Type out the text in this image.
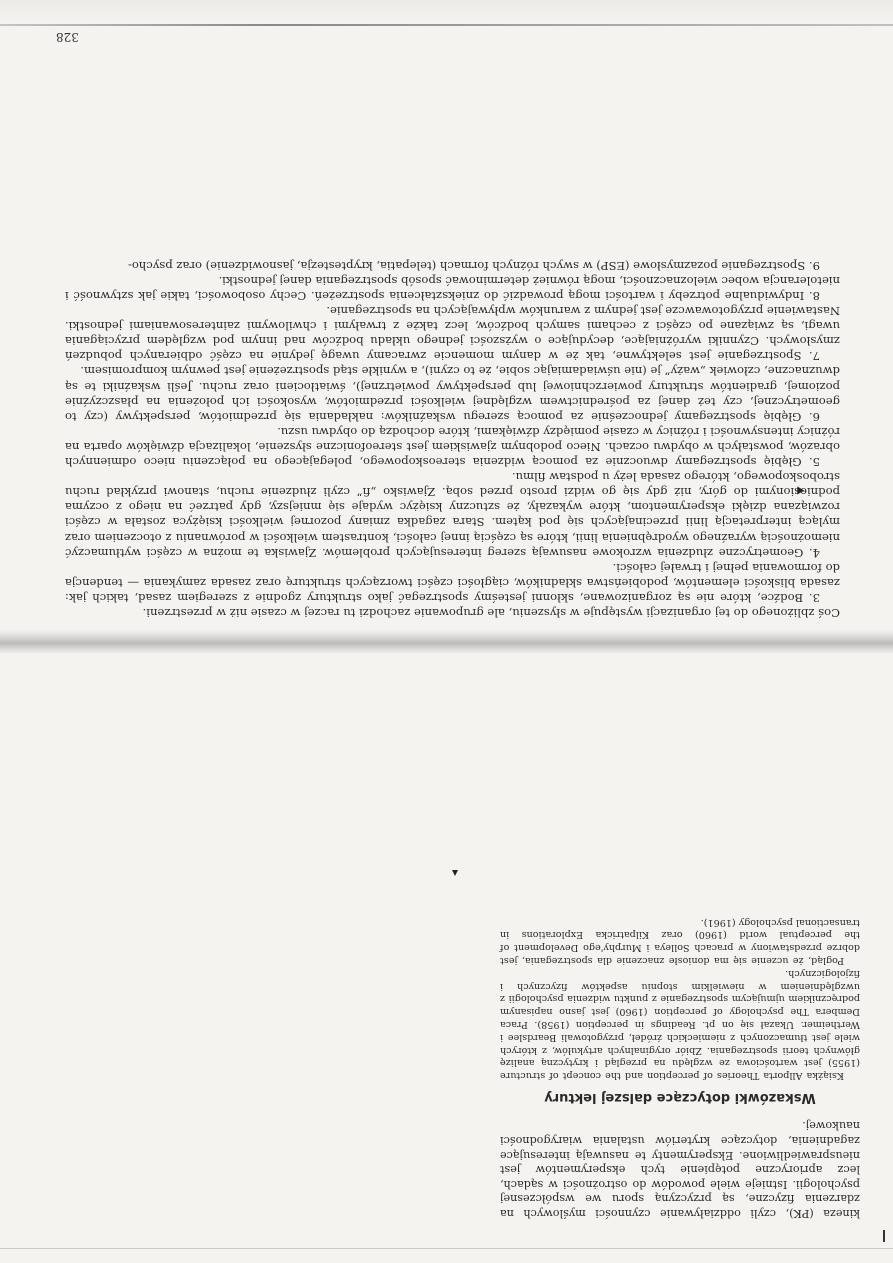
Coś zbliżonego do tej organizacji występuje w słyszeniu, ale grupowanie zachodzi tu raczej w czasie niż w przestrzeni.

3. Bodźce, które nie są zorganizowane, skłonni jesteśmy spostrzegać jako struktury zgodnie z szeregiem zasad, takich jak: zasada bliskości elementów, podobieństwa składników, ciągłości części tworzących strukturę oraz zasada zamykania — tendencja do formowania pełnej i trwałej całości.

4. Geometryczne złudzenia wzrokowe nasuwają szereg interesujących problemów. Zjawiska te można w części wytłumaczyć niemożnością wyraźnego wyodrębnienia linii, które są częścią innej całości, kontrastem wielkości w porównaniu z otoczeniem oraz mylącą interpretacją linii przecinających się pod kątem. Stara zagadka zmiany pozornej wielkości księżyca została w części rozwiązana dzięki eksperymentom, które wykazały, że sztuczny księżyc wydaje się mniejszy, gdy patrzeć na niego z oczyma podniesionymi do góry, niż gdy się go widzi prosto przed sobą. Zjawisko „fi” czyli złudzenie ruchu, stanowi przykład ruchu stroboskopowego, którego zasada leży u podstaw filmu.

5. Głębię spostrzegamy dwuocznie za pomocą widzenia stereoskopowego, polegającego na połączeniu nieco odmiennych obrazów, powstałych w obydwu oczach. Nieco podobnym zjawiskiem jest stereofoniczne słyszenie, lokalizacja dźwięków oparta na różnicy intensywności i różnicy w czasie pomiędzy dźwiękami, które dochodzą do obydwu uszu.

6. Głębię spostrzegamy jednocześnie za pomocą szeregu wskaźników: nakładania się przedmiotów, perspektywy (czy to geometrycznej, czy też danej za pośrednictwem względnej wielkości przedmiotów, wysokości ich położenia na płaszczyźnie poziomej, gradientów struktury powierzchniowej lub perspektywy powietrznej), światłocieni oraz ruchu. Jeśli wskaźniki te są dwuznaczne, człowiek „waży” je (nie uświadamiając sobie, że to czyni), a wynikłe stąd spostrzeżenie jest pewnym kompromisem.

7. Spostrzeganie jest selektywne, tak że w danym momencie zwracamy uwagę jedynie na część odbieranych pobudzeń zmysłowych. Czynniki wyróżniające, decydujące o wyższości jednego układu bodźców nad innym pod względem przyciągania uwagi, są związane po części z cechami samych bodźców, lecz także z trwałymi i chwilowymi zainteresowaniami jednostki. Nastawienie przygotowawcze jest jednym z warunków wpływających na spostrzeganie.

8. Indywidualne potrzeby i wartości mogą prowadzić do zniekształcenia spostrzeżeń. Cechy osobowości, takie jak sztywność i nietolerancja wobec wieloznaczności, mogą również determinować sposób spostrzegania danej jednostki.

9. Spostrzeganie pozazmysłowe (ESP) w swych różnych formach (telepatia, kryptestezja, jasnowidzenie) oraz psycho-

328

kineza (PK), czyli oddziaływanie czynności myślowych na zdarzenia fizyczne, są przyczyną sporu we współczesnej psychologii. Istnieje wiele powodów do ostrożności w sądach, lecz aprioryczne potępienie tych eksperymentów jest nieusprawiedliwione. Eksperymenty te nasuwają interesujące zagadnienia, dotyczące kryteriów ustalania wiarygodności naukowej.

Wskazówki dotyczące dalszej lektury

Książka Allporta Theories of perception and the concept of structure (1955) jest wartościowa ze względu na przegląd i krytyczną analizę głównych teorii spostrzegania. Zbiór oryginalnych artykułów, z których wiele jest tłumaczonych z niemieckich źródeł, przygotowali Beardslee i Wertheimer. Ukazał się on pt. Readings in perception (1958). Praca Dembera The psychology of perception (1960) jest jasno napisanym podręcznikiem ujmującym spostrzeganie z punktu widzenia psychologii z uwzględnieniem w niewielkim stopniu aspektów fizycznych i fizjologicznych.

Pogląd, że uczenie się ma doniosłe znaczenie dla spostrzegania, jest dobrze przedstawiony w pracach Solleya i Murphy'ego Development of the perceptual world (1960) oraz Kilpatricka Explorations in transactional psychology (1961).
